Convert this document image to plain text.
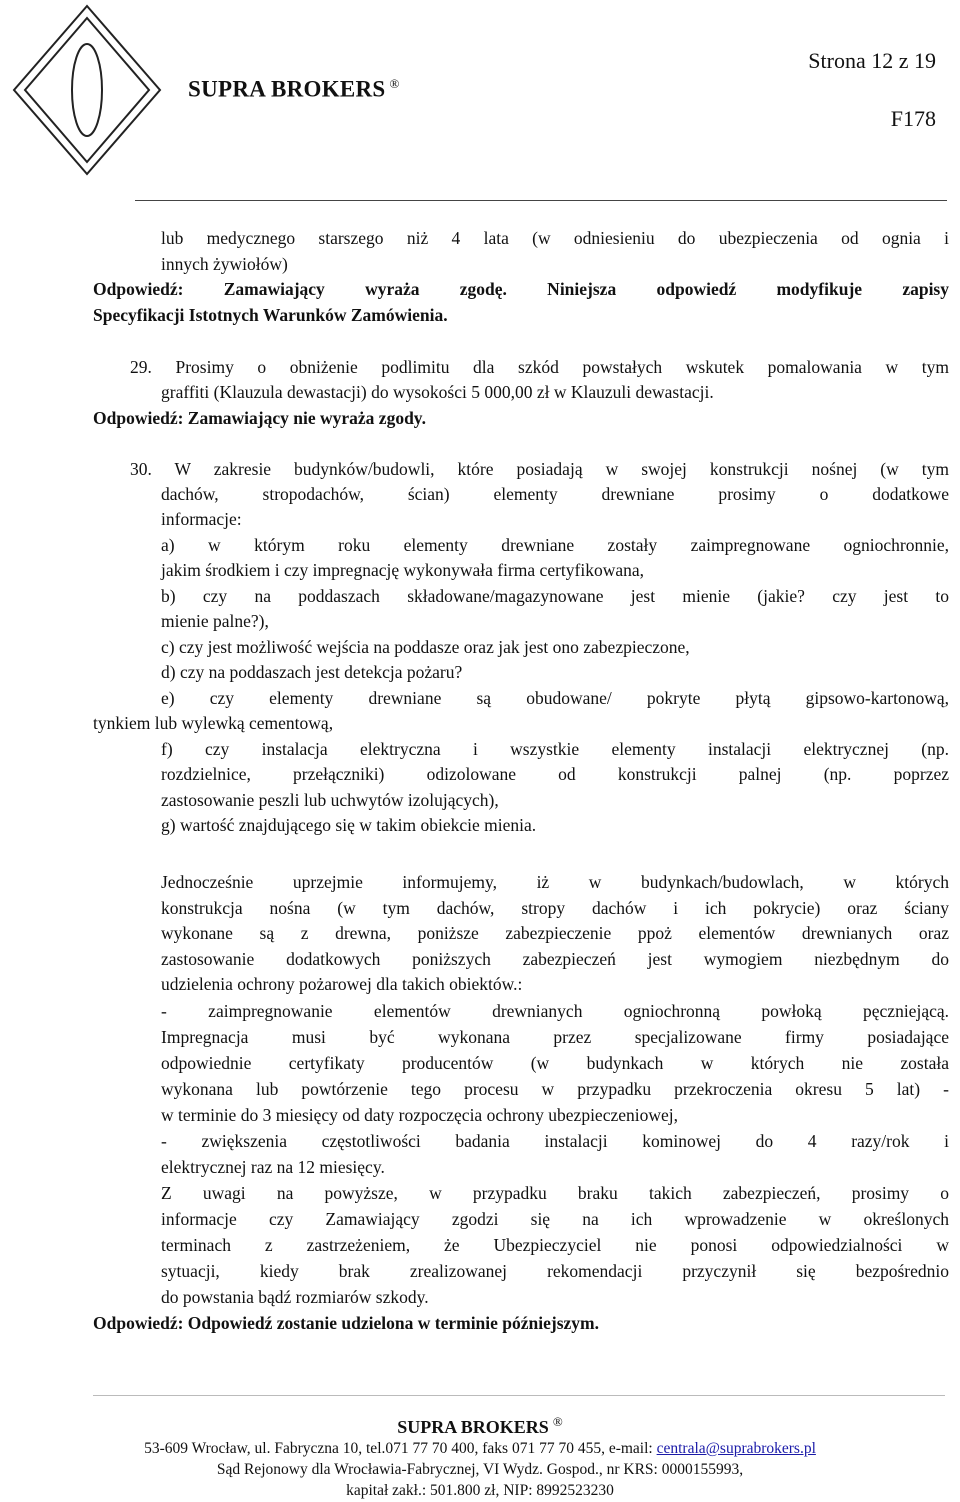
SUPRA BROKERS ®
Strona 12 z 19
F178
lub medycznego starszego niż 4 lata (w odniesieniu do ubezpieczenia od ognia i
innych żywiołów)
Odpowiedź: Zamawiający wyraża zgodę. Niniejsza odpowiedź modyfikuje zapisy
Specyfikacji Istotnych Warunków Zamówienia.
29. Prosimy o obniżenie podlimitu dla szkód powstałych wskutek pomalowania w tym
graffiti (Klauzula dewastacji) do wysokości 5 000,00 zł w Klauzuli dewastacji.
Odpowiedź: Zamawiający nie wyraża zgody.
30. W zakresie budynków/budowli, które posiadają w swojej konstrukcji nośnej (w tym
dachów, stropodachów, ścian) elementy drewniane prosimy o dodatkowe
informacje:
a) w którym roku elementy drewniane zostały zaimpregnowane ogniochronnie,
jakim środkiem i czy impregnację wykonywała firma certyfikowana,
b) czy na poddaszach składowane/magazynowane jest mienie (jakie? czy jest to
mienie palne?),
c) czy jest możliwość wejścia na poddasze oraz jak jest ono zabezpieczone,
d) czy na poddaszach jest detekcja pożaru?
e) czy elementy drewniane są obudowane/ pokryte płytą gipsowo-kartonową,
tynkiem lub wylewką cementową,
f) czy instalacja elektryczna i wszystkie elementy instalacji elektrycznej (np.
rozdzielnice, przełączniki) odizolowane od konstrukcji palnej (np. poprzez
zastosowanie peszli lub uchwytów izolujących),
g) wartość znajdującego się w takim obiekcie mienia.
Jednocześnie uprzejmie informujemy, iż w budynkach/budowlach, w których
konstrukcja nośna (w tym dachów, stropy dachów i ich pokrycie) oraz ściany
wykonane są z drewna, poniższe zabezpieczenie ppoż elementów drewnianych oraz
zastosowanie dodatkowych poniższych zabezpieczeń jest wymogiem niezbędnym do
udzielenia ochrony pożarowej dla takich obiektów.:
- zaimpregnowanie elementów drewnianych ogniochronną powłoką pęczniejącą.
Impregnacja musi być wykonana przez specjalizowane firmy posiadające
odpowiednie certyfikaty producentów (w budynkach w których nie została
wykonana lub powtórzenie tego procesu w przypadku przekroczenia okresu 5 lat) -
w terminie do 3 miesięcy od daty rozpoczęcia ochrony ubezpieczeniowej,
- zwiększenia częstotliwości badania instalacji kominowej do 4 razy/rok i
elektrycznej raz na 12 miesięcy.
Z uwagi na powyższe, w przypadku braku takich zabezpieczeń, prosimy o
informacje czy Zamawiający zgodzi się na ich wprowadzenie w określonych
terminach z zastrzeżeniem, że Ubezpieczyciel nie ponosi odpowiedzialności w
sytuacji, kiedy brak zrealizowanej rekomendacji przyczynił się bezpośrednio
do powstania bądź rozmiarów szkody.
Odpowiedź: Odpowiedź zostanie udzielona w terminie późniejszym.
SUPRA BROKERS ®
53-609 Wrocław, ul. Fabryczna 10, tel.071 77 70 400, faks 071 77 70 455, e-mail: centrala@suprabrokers.pl
Sąd Rejonowy dla Wrocławia-Fabrycznej, VI Wydz. Gospod., nr KRS: 0000155993,
kapitał zakł.: 501.800 zł, NIP: 8992523230
